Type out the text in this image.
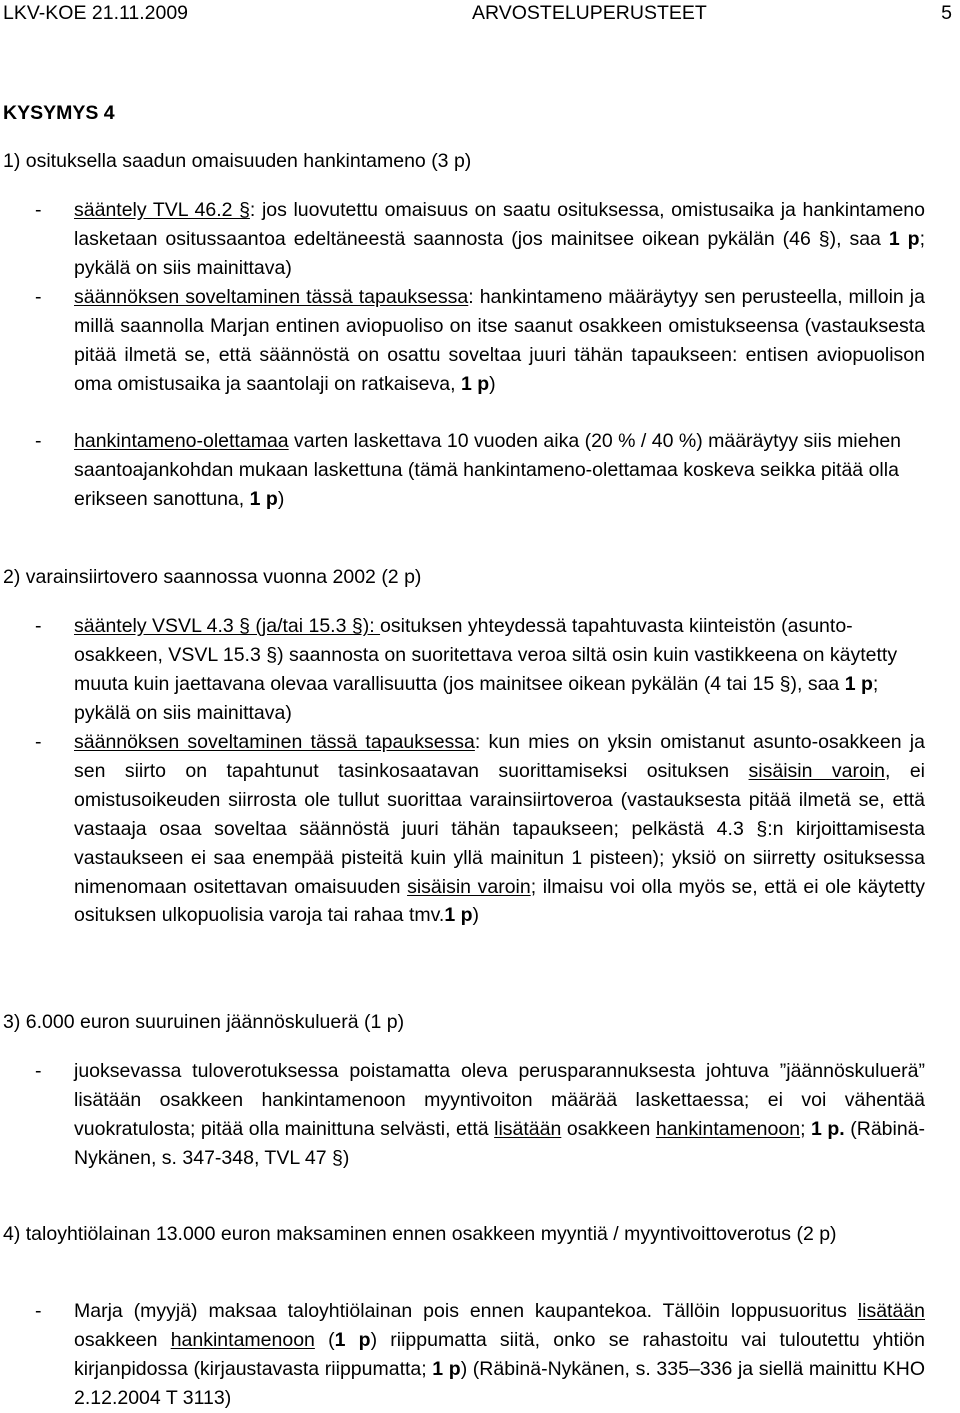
LKV-KOE 21.11.2009	ARVOSTELUPERUSTEET	5
KYSYMYS 4
1) osituksella saadun omaisuuden hankintameno (3 p)
- sääntely TVL 46.2 §: jos luovutettu omaisuus on saatu osituksessa, omistusaika ja hankintameno lasketaan ositussaantoa edeltäneestä saannosta (jos mainitsee oikean pykälän (46 §), saa 1 p; pykälä on siis mainittava)
- säännöksen soveltaminen tässä tapauksessa: hankintameno määräytyy sen perusteella, milloin ja millä saannolla Marjan entinen aviopuoliso on itse saanut osakkeen omistukseensa (vastauksesta pitää ilmetä se, että säännöstä on osattu soveltaa juuri tähän tapaukseen: entisen aviopuolison oma omistusaika ja saantolaji on ratkaiseva, 1 p)
- hankintameno-olettamaa varten laskettava 10 vuoden aika (20 % / 40 %) määräytyy siis miehen saantoajankohdan mukaan laskettuna (tämä hankintameno-olettamaa koskeva seikka pitää olla erikseen sanottuna, 1 p)
2) varainsiirtovero saannossa vuonna 2002 (2 p)
- sääntely VSVL 4.3 § (ja/tai 15.3 §): osituksen yhteydessä tapahtuvasta kiinteistön (asunto-osakkeen, VSVL 15.3 §) saannosta on suoritettava veroa siltä osin kuin vastikkeena on käytetty muuta kuin jaettavana olevaa varallisuutta (jos mainitsee oikean pykälän (4 tai 15 §), saa 1 p; pykälä on siis mainittava)
- säännöksen soveltaminen tässä tapauksessa: kun mies on yksin omistanut asunto-osakkeen ja sen siirto on tapahtunut tasinkosaatavan suorittamiseksi osituksen sisäisin varoin, ei omistusoikeuden siirrosta ole tullut suorittaa varainsiirtoveroa (vastauksesta pitää ilmetä se, että vastaaja osaa soveltaa säännöstä juuri tähän tapaukseen; pelkästä 4.3 §:n kirjoittamisesta vastaukseen ei saa enempää pisteitä kuin yllä mainitun 1 pisteen); yksiö on siirretty osituksessa nimenomaan ositettavan omaisuuden sisäisin varoin; ilmaisu voi olla myös se, että ei ole käytetty osituksen ulkopuolisia varoja tai rahaa tmv.1 p)
3) 6.000 euron suuruinen jäännöskuluerä (1 p)
- juoksevassa tuloverotuksessa poistamatta oleva perusparannuksesta johtuva ”jäännöskuluerä” lisätään osakkeen hankintamenoon myyntivoiton määrää laskettaessa; ei voi vähentää vuokratulosta; pitää olla mainittuna selvästi, että lisätään osakkeen hankintamenoon; 1 p. (Räbinä-Nykänen, s. 347-348, TVL 47 §)
4) taloyhtiölainan 13.000 euron maksaminen ennen osakkeen myyntiä / myyntivoittoverotus (2 p)
- Marja (myyjä) maksaa taloyhtiölainan pois ennen kaupantekoa. Tällöin loppusuoritus lisätään osakkeen hankintamenoon (1 p) riippumatta siitä, onko se rahastoitu vai tuloutettu yhtiön kirjanpidossa (kirjaustavasta riippumatta; 1 p) (Räbinä-Nykänen, s. 335–336 ja siellä mainittu KHO 2.12.2004 T 3113)
